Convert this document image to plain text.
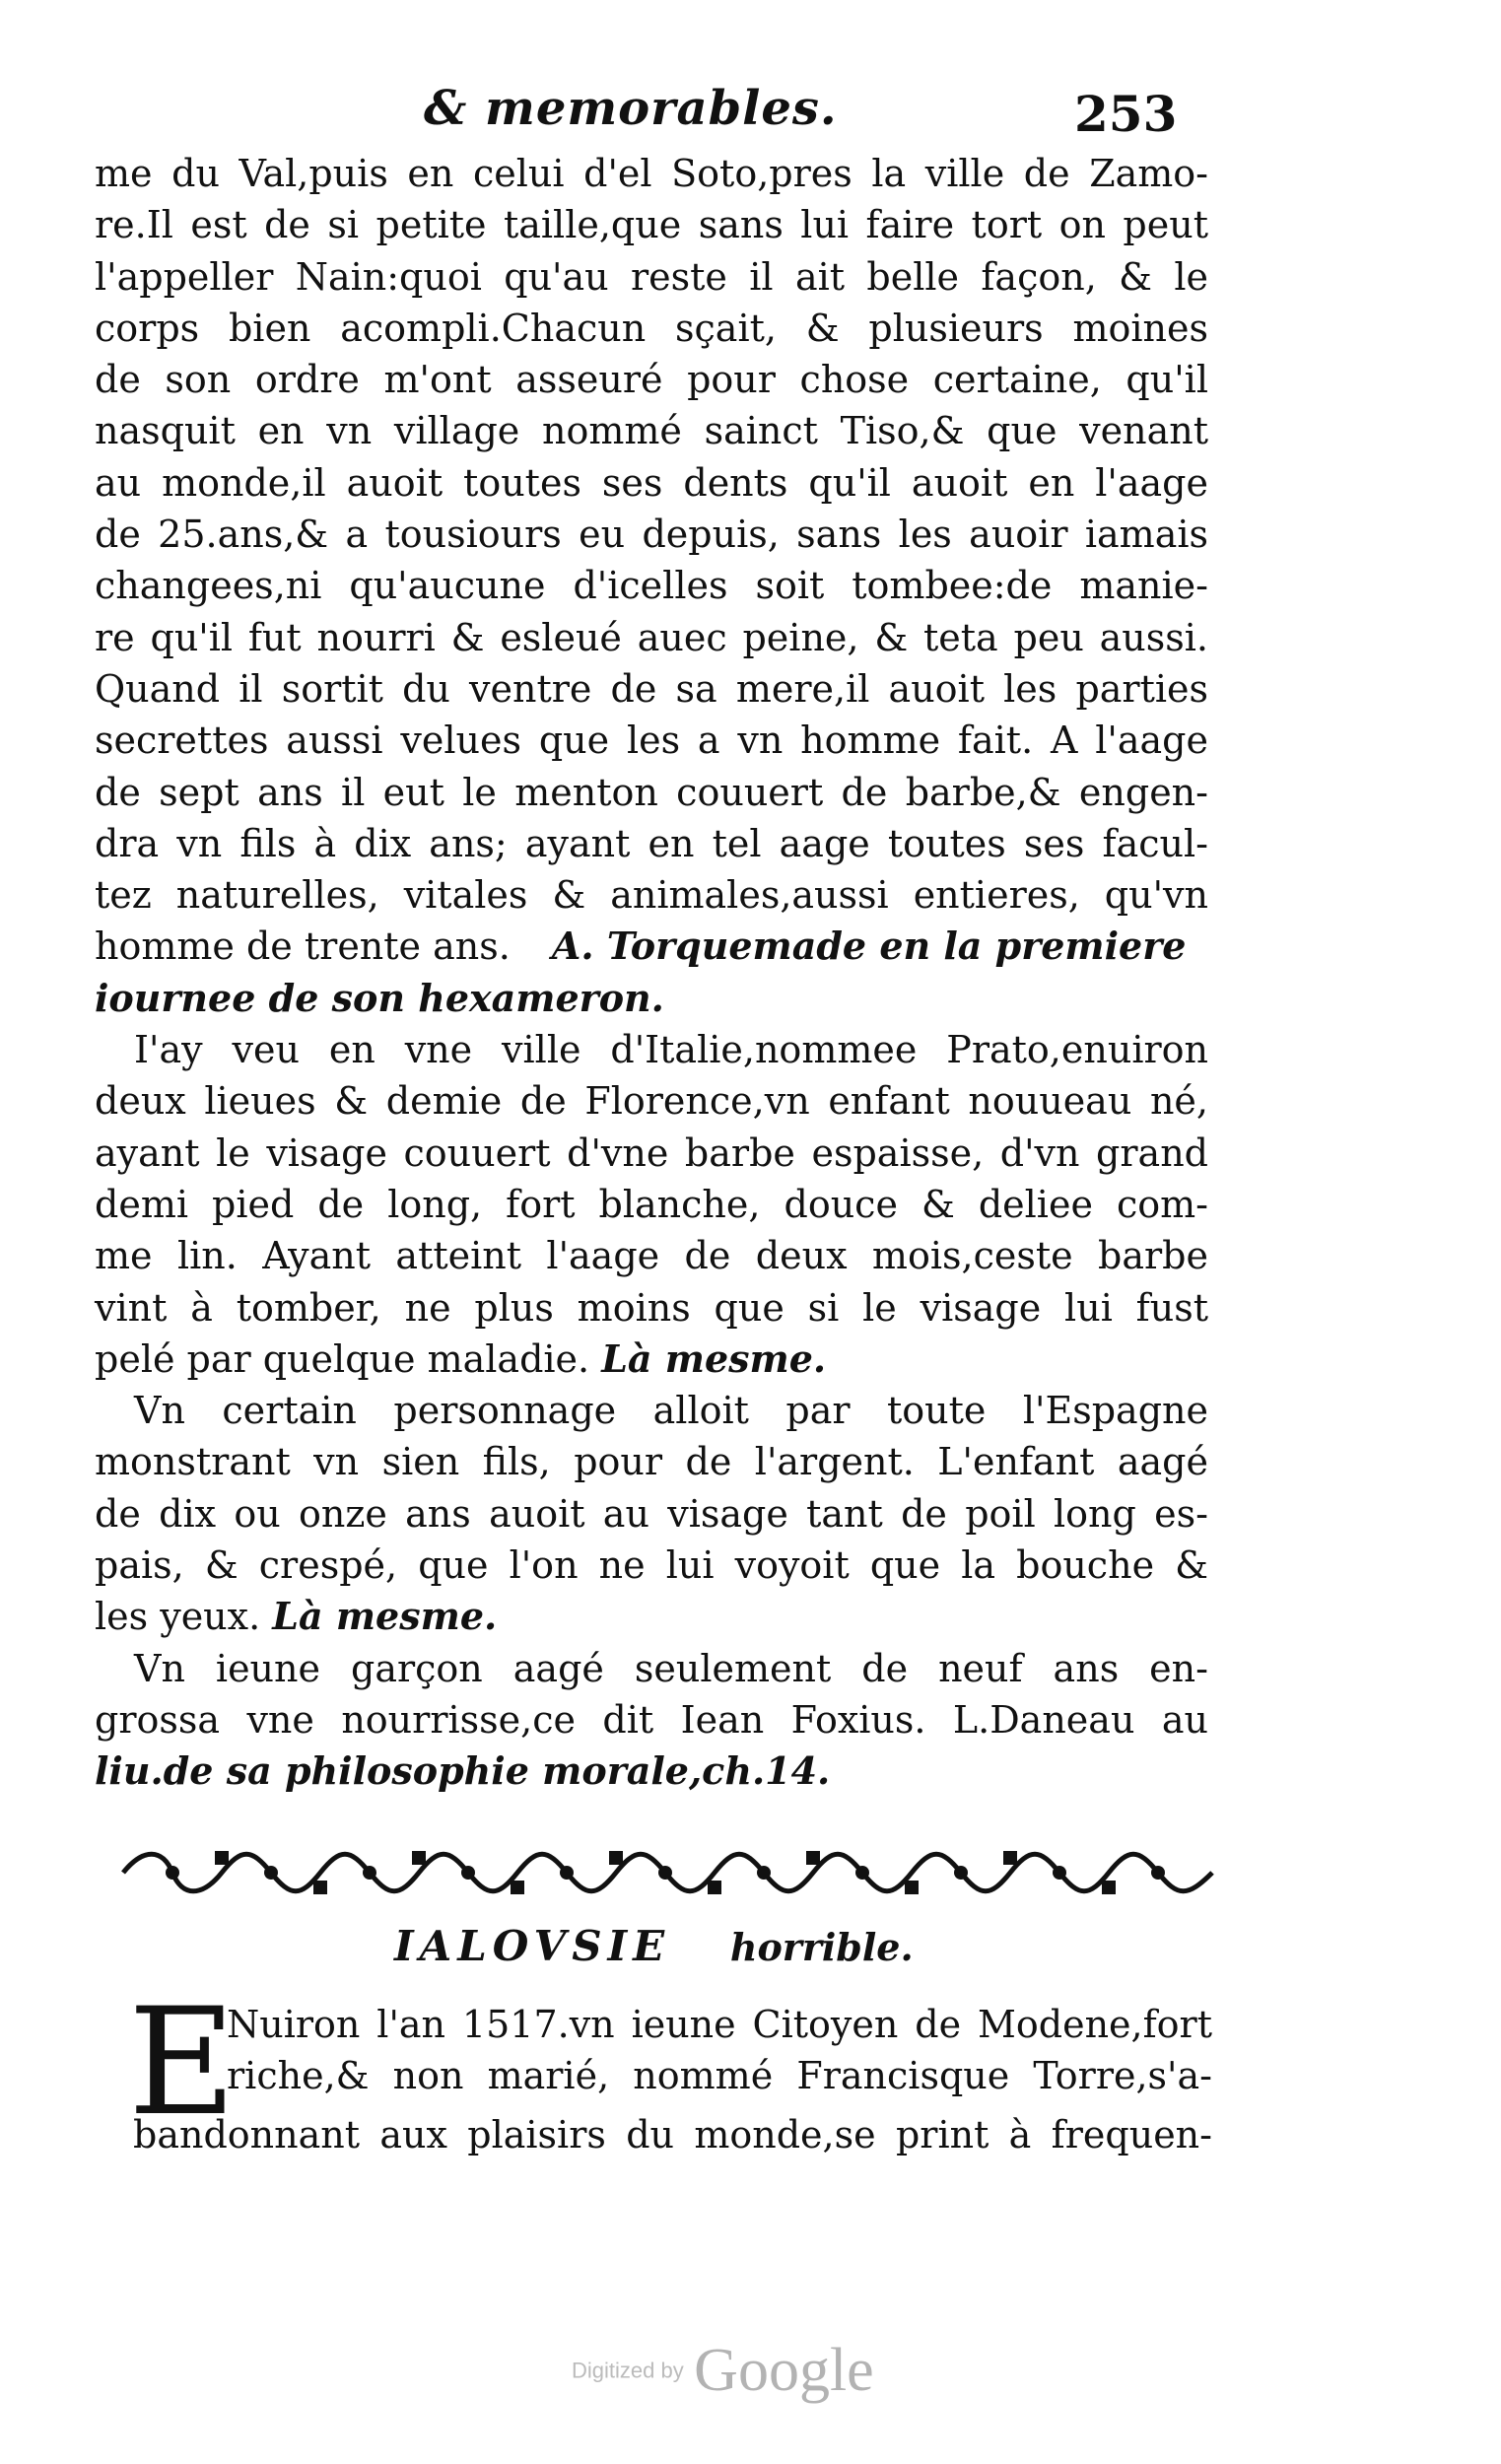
& memorables.	253
me du Val,puis en celui d'el Soto,pres la ville de Zamo-
re.Il est de si petite taille,que sans lui faire tort on peut
l'appeller Nain:quoi qu'au reste il ait belle façon, & le
corps bien acompli.Chacun sçait, & plusieurs moines
de son ordre m'ont asseuré pour chose certaine, qu'il
nasquit en vn village nommé sainct Tiso,& que venant
au monde,il auoit toutes ses dents qu'il auoit en l'aage
de 25.ans,& a tousiours eu depuis, sans les auoir iamais
changees,ni qu'aucune d'icelles soit tombee:de manie-
re qu'il fut nourri & esleué auec peine, & teta peu aussi.
Quand il sortit du ventre de sa mere,il auoit les parties
secrettes aussi velues que les a vn homme fait. A l'aage
de sept ans il eut le menton couuert de barbe,& engen-
dra vn fils à dix ans; ayant en tel aage toutes ses facul-
tez naturelles, vitales & animales,aussi entieres, qu'vn
homme de trente ans. A. Torquemade en la premiere
iournee de son hexameron.
I'ay veu en vne ville d'Italie,nommee Prato,enuiron
deux lieues & demie de Florence,vn enfant nouueau né,
ayant le visage couuert d'vne barbe espaisse, d'vn grand
demi pied de long, fort blanche, douce & deliee com-
me lin. Ayant atteint l'aage de deux mois,ceste barbe
vint à tomber, ne plus moins que si le visage lui fust
pelé par quelque maladie. Là mesme.
Vn certain personnage alloit par toute l'Espagne
monstrant vn sien fils, pour de l'argent. L'enfant aagé
de dix ou onze ans auoit au visage tant de poil long es-
pais, & crespé, que l'on ne lui voyoit que la bouche &
les yeux. Là mesme.
Vn ieune garçon aagé seulement de neuf ans en-
grossa vne nourrisse,ce dit Iean Foxius. L.Daneau au
liu.de sa philosophie morale,ch.14.
IALOVSIE horrible.
E
Nuiron l'an 1517.vn ieune Citoyen de Modene,fort
riche,& non marié, nommé Francisque Torre,s'a-
bandonnant aux plaisirs du monde,se print à frequen-
Digitized by Google
